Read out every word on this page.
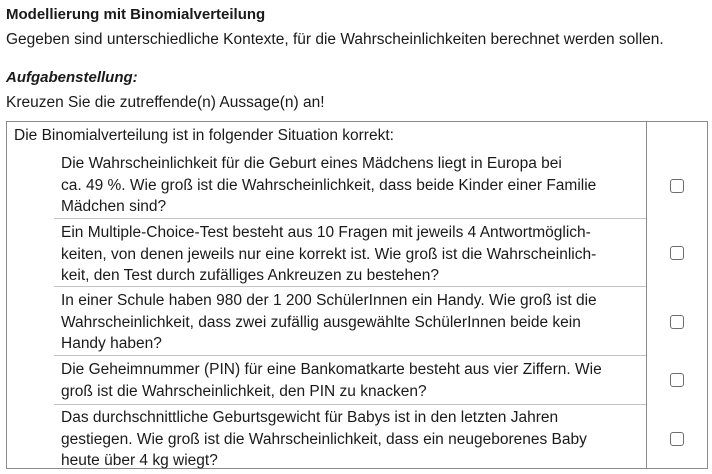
Modellierung mit Binomialverteilung
Gegeben sind unterschiedliche Kontexte, für die Wahrscheinlichkeiten berechnet werden sollen.
Aufgabenstellung:
Kreuzen Sie die zutreffende(n) Aussage(n) an!
Die Binomialverteilung ist in folgender Situation korrekt:
Die Wahrscheinlichkeit für die Geburt eines Mädchens liegt in Europa bei
ca. 49 %. Wie groß ist die Wahrscheinlichkeit, dass beide Kinder einer Familie
Mädchen sind?
Ein Multiple-Choice-Test besteht aus 10 Fragen mit jeweils 4 Antwortmöglich-
keiten, von denen jeweils nur eine korrekt ist. Wie groß ist die Wahrscheinlich-
keit, den Test durch zufälliges Ankreuzen zu bestehen?
In einer Schule haben 980 der 1 200 SchülerInnen ein Handy. Wie groß ist die
Wahrscheinlichkeit, dass zwei zufällig ausgewählte SchülerInnen beide kein
Handy haben?
Die Geheimnummer (PIN) für eine Bankomatkarte besteht aus vier Ziffern. Wie
groß ist die Wahrscheinlichkeit, den PIN zu knacken?
Das durchschnittliche Geburtsgewicht für Babys ist in den letzten Jahren
gestiegen. Wie groß ist die Wahrscheinlichkeit, dass ein neugeborenes Baby
heute über 4 kg wiegt?
